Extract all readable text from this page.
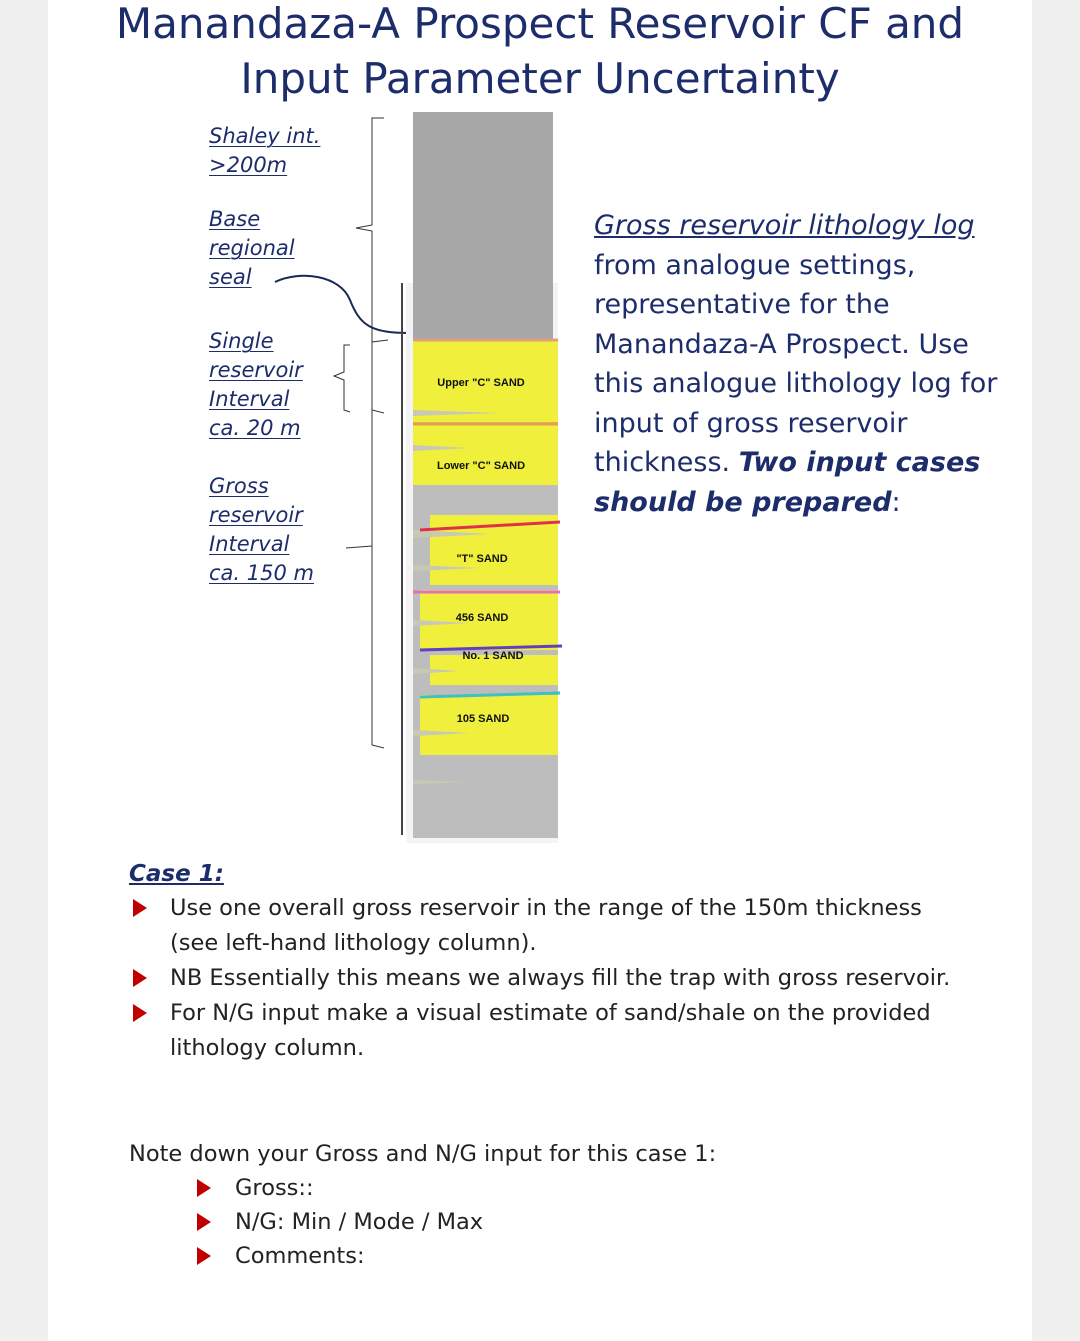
Manandaza-A Prospect Reservoir CF and
Input Parameter Uncertainty
Shaley int.
>200m
Base
regional
seal
Single
reservoir
Interval
ca. 20 m
Gross
reservoir
Interval
ca. 150 m
Upper "C" SAND
Lower "C" SAND
"T" SAND
456 SAND
No. 1 SAND
105 SAND
Gross reservoir lithology log from analogue settings, representative for the Manandaza-A Prospect. Use this analogue lithology log for input of gross reservoir thickness. Two input cases should be prepared:
Case 1:
Use one overall gross reservoir in the range of the 150m thickness (see left-hand lithology column).
NB Essentially this means we always fill the trap with gross reservoir.
For N/G input make a visual estimate of sand/shale on the provided lithology column.
Note down your Gross and N/G input for this case 1:
Gross::
N/G: Min / Mode / Max
Comments:
